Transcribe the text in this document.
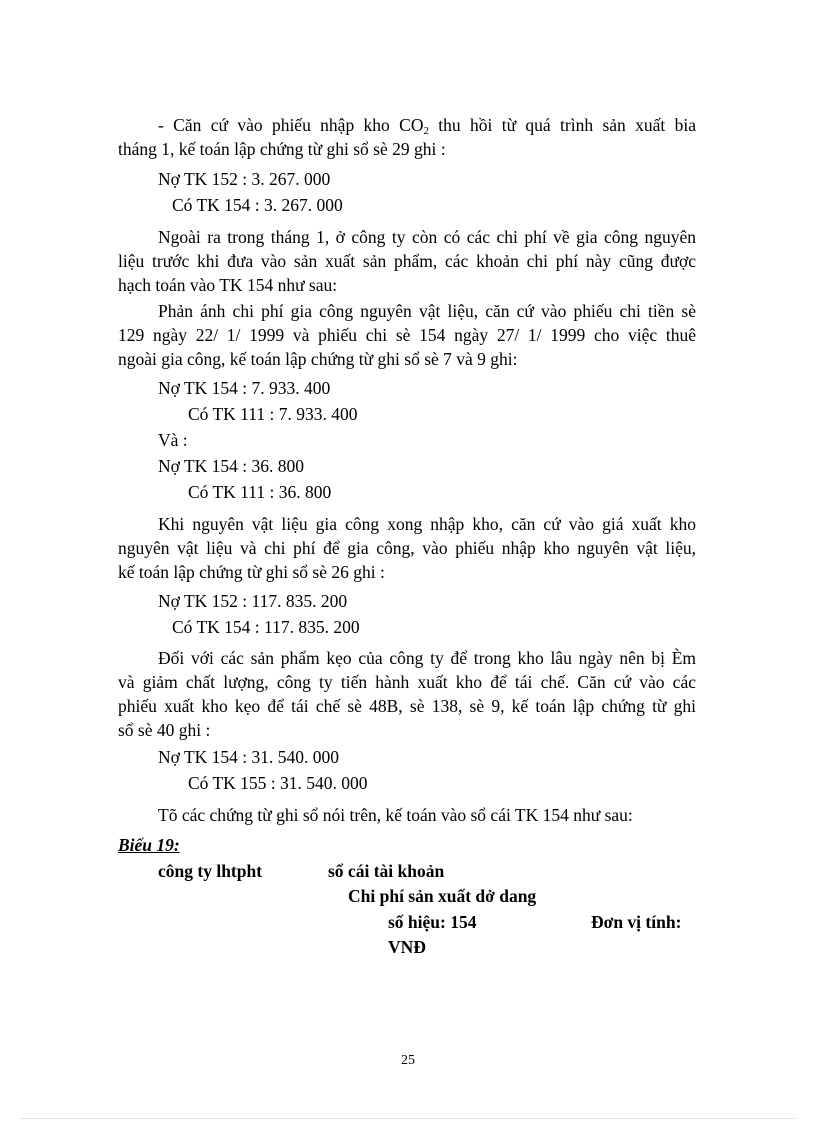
- Căn cứ vào phiếu nhập kho $CO_2$ thu hồi từ quá trình sản xuất bia
tháng 1, kế toán lập chứng từ ghi sổ sè 29 ghi :
Nợ TK 152 : 3. 267. 000
Có TK 154 : 3. 267. 000
Ngoài ra trong tháng 1, ở công ty còn có các chi phí về gia công nguyên
liệu trước khi đưa vào sản xuất sản phẩm, các khoản chi phí này cũng được
hạch toán vào TK 154 như sau:
Phản ánh chi phí gia công nguyên vật liệu, căn cứ vào phiếu chi tiền sè
129 ngày 22/ 1/ 1999 và phiếu chi sè 154 ngày 27/ 1/ 1999 cho việc thuê
ngoài gia công, kế toán lập chứng từ ghi sổ sè 7 và 9 ghi:
Nợ TK 154 : 7. 933. 400
Có TK 111 : 7. 933. 400
Và :
Nợ TK 154 : 36. 800
Có TK 111 : 36. 800
Khi nguyên vật liệu gia công xong nhập kho, căn cứ vào giá xuất kho
nguyên vật liệu và chi phí để gia công, vào phiếu nhập kho nguyên vật liệu,
kế toán lập chứng từ ghi sổ sè 26 ghi :
Nợ TK 152 : 117. 835. 200
Có TK 154 : 117. 835. 200
Đối với các sản phẩm kẹo của công ty để trong kho lâu ngày nên bị Èm
và giảm chất lượng, công ty tiến hành xuất kho để tái chế. Căn cứ vào các
phiếu xuất kho kẹo để tái chế sè 48B, sè 138, sè 9, kế toán lập chứng từ ghi
sổ sè 40 ghi :
Nợ TK 154 : 31. 540. 000
Có TK 155 : 31. 540. 000
Tõ các chứng từ ghi sổ nói trên, kế toán vào sổ cái TK 154 như sau:
Biểu 19:
công ty lhtpht	sổ cái tài khoản
Chi phí sản xuất dở dang
số hiệu: 154	Đơn vị tính:
VNĐ
25
